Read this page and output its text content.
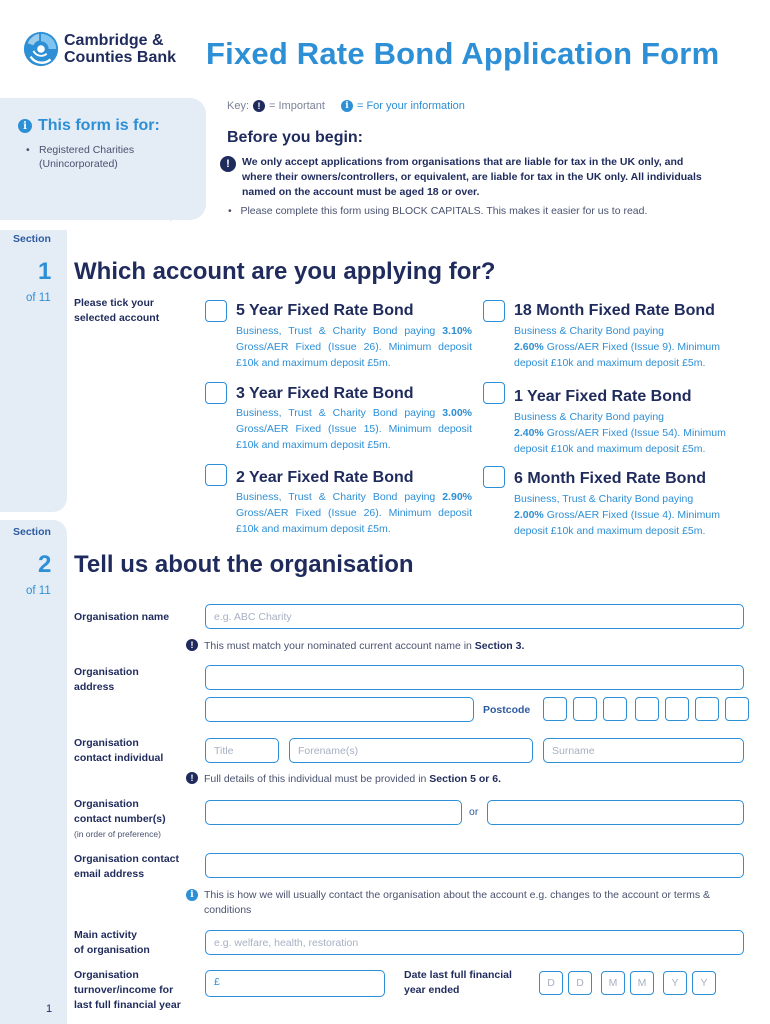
Cambridge &
Counties Bank Fixed Rate Bond Application Form
i This form is for:
• Registered Charities (Unincorporated)
Key: ! = Important	i = For your information
Before you begin:
!	We only accept applications from organisations that are liable for tax in the UK only, and where their owners/controllers, or equivalent, are liable for tax in the UK only. All individuals named on the account must be aged 18 or over.
•   Please complete this form using BLOCK CAPITALS. This makes it easier for us to read.
Section
1
of 11
Which account are you applying for?
Please tick your selected account	5 Year Fixed Rate Bond
Business, Trust & Charity Bond paying 3.10% Gross/AER Fixed (Issue 26). Minimum deposit £10k and maximum deposit £5m.
3 Year Fixed Rate Bond
Business, Trust & Charity Bond paying 3.00% Gross/AER Fixed (Issue 15). Minimum deposit £10k and maximum deposit £5m.
2 Year Fixed Rate Bond
Business, Trust & Charity Bond paying 2.90% Gross/AER Fixed (Issue 26). Minimum deposit £10k and maximum deposit £5m.
18 Month Fixed Rate Bond
Business & Charity Bond paying
2.60% Gross/AER Fixed (Issue 9). Minimum deposit £10k and maximum deposit £5m.
1 Year Fixed Rate Bond
Business & Charity Bond paying
2.40% Gross/AER Fixed (Issue 54). Minimum deposit £10k and maximum deposit £5m.
6 Month Fixed Rate Bond
Business, Trust & Charity Bond paying
2.00% Gross/AER Fixed (Issue 4). Minimum deposit £10k and maximum deposit £5m.
Section
2
of 11
Tell us about the organisation
Organisation name	e.g. ABC Charity
!	This must match your nominated current account name in Section 3.
Organisation
address
Postcode
Organisation
contact individual
Title	Forename(s)	Surname
!	Full details of this individual must be provided in Section 5 or 6.
Organisation
contact number(s)
(in order of preference)
or
Organisation contact
email address
i This is how we will usually contact the organisation about the account e.g. changes to the account or terms & conditions
Main activity
of organisation
e.g. welfare, health, restoration
Organisation
turnover/income for
last full financial year
£
Date last full financial
year ended
D	D	M	M	Y	Y
1
